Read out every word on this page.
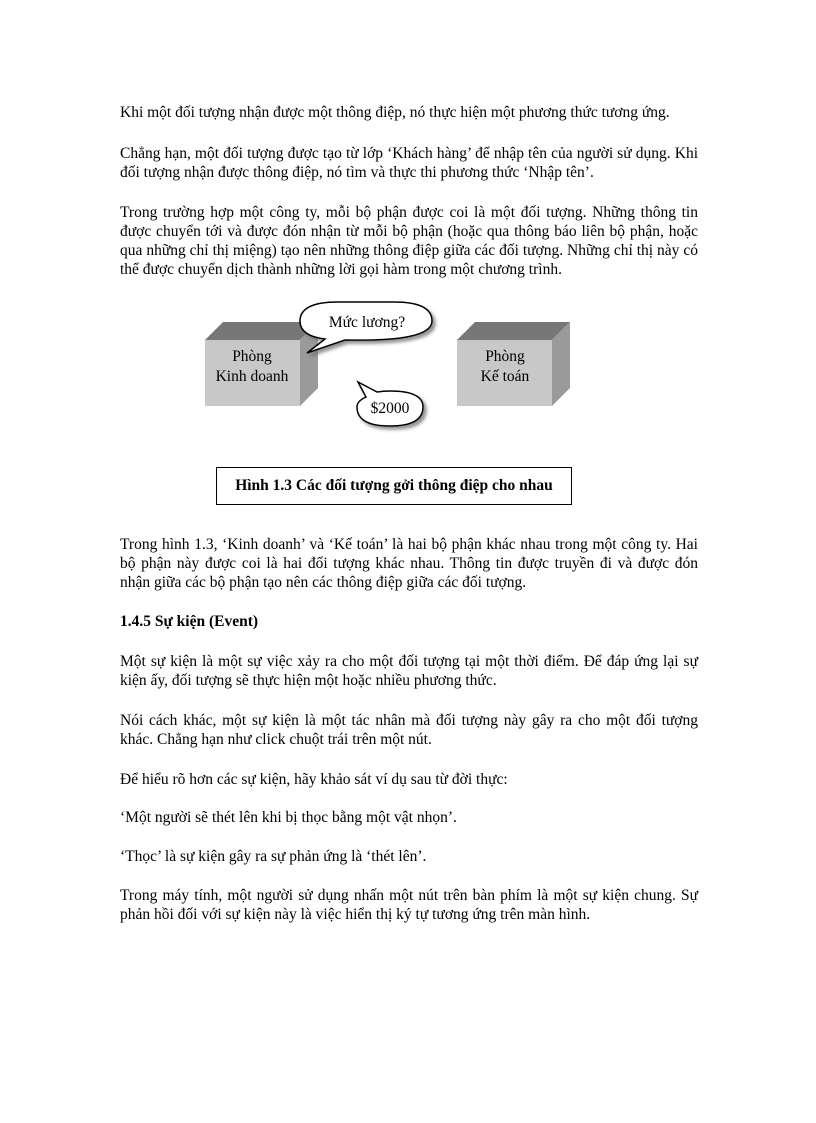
Khi một đối tượng nhận được một thông điệp, nó thực hiện một phương thức tương ứng.

Chẳng hạn, một đối tượng được tạo từ lớp ‘Khách hàng’ để nhập tên của người sử dụng. Khi đối tượng nhận được thông điệp, nó tìm và thực thi phương thức ‘Nhập tên’.

Trong trường hợp một công ty, mỗi bộ phận được coi là một đối tượng. Những thông tin được chuyển tới và được đón nhận từ mỗi bộ phận (hoặc qua thông báo liên bộ phận, hoặc qua những chỉ thị miệng) tạo nên những thông điệp giữa các đối tượng. Những chỉ thị này có thể được chuyển dịch thành những lời gọi hàm trong một chương trình.

Phòng
Kinh doanh
Phòng
Kế toán
Mức lương?
$2000
Hình 1.3 Các đối tượng gởi thông điệp cho nhau

Trong hình 1.3, ‘Kinh doanh’ và ‘Kế toán’ là hai bộ phận khác nhau trong một công ty. Hai bộ phận này được coi là hai đối tượng khác nhau. Thông tin được truyền đi và được đón nhận giữa các bộ phận tạo nên các thông điệp giữa các đối tượng.

1.4.5 Sự kiện (Event)

Một sự kiện là một sự việc xảy ra cho một đối tượng tại một thời điểm. Để đáp ứng lại sự kiện ấy, đối tượng sẽ thực hiện một hoặc nhiều phương thức.

Nói cách khác, một sự kiện là một tác nhân mà đối tượng này gây ra cho một đối tượng khác. Chẳng hạn như click chuột trái trên một nút.

Để hiểu rõ hơn các sự kiện, hãy khảo sát ví dụ sau từ đời thực:

‘Một người sẽ thét lên khi bị thọc bằng một vật nhọn’.

‘Thọc’ là sự kiện gây ra sự phản ứng là ‘thét lên’.

Trong máy tính, một người sử dụng nhấn một nút trên bàn phím là một sự kiện chung. Sự phản hồi đối với sự kiện này là việc hiển thị ký tự tương ứng trên màn hình.
